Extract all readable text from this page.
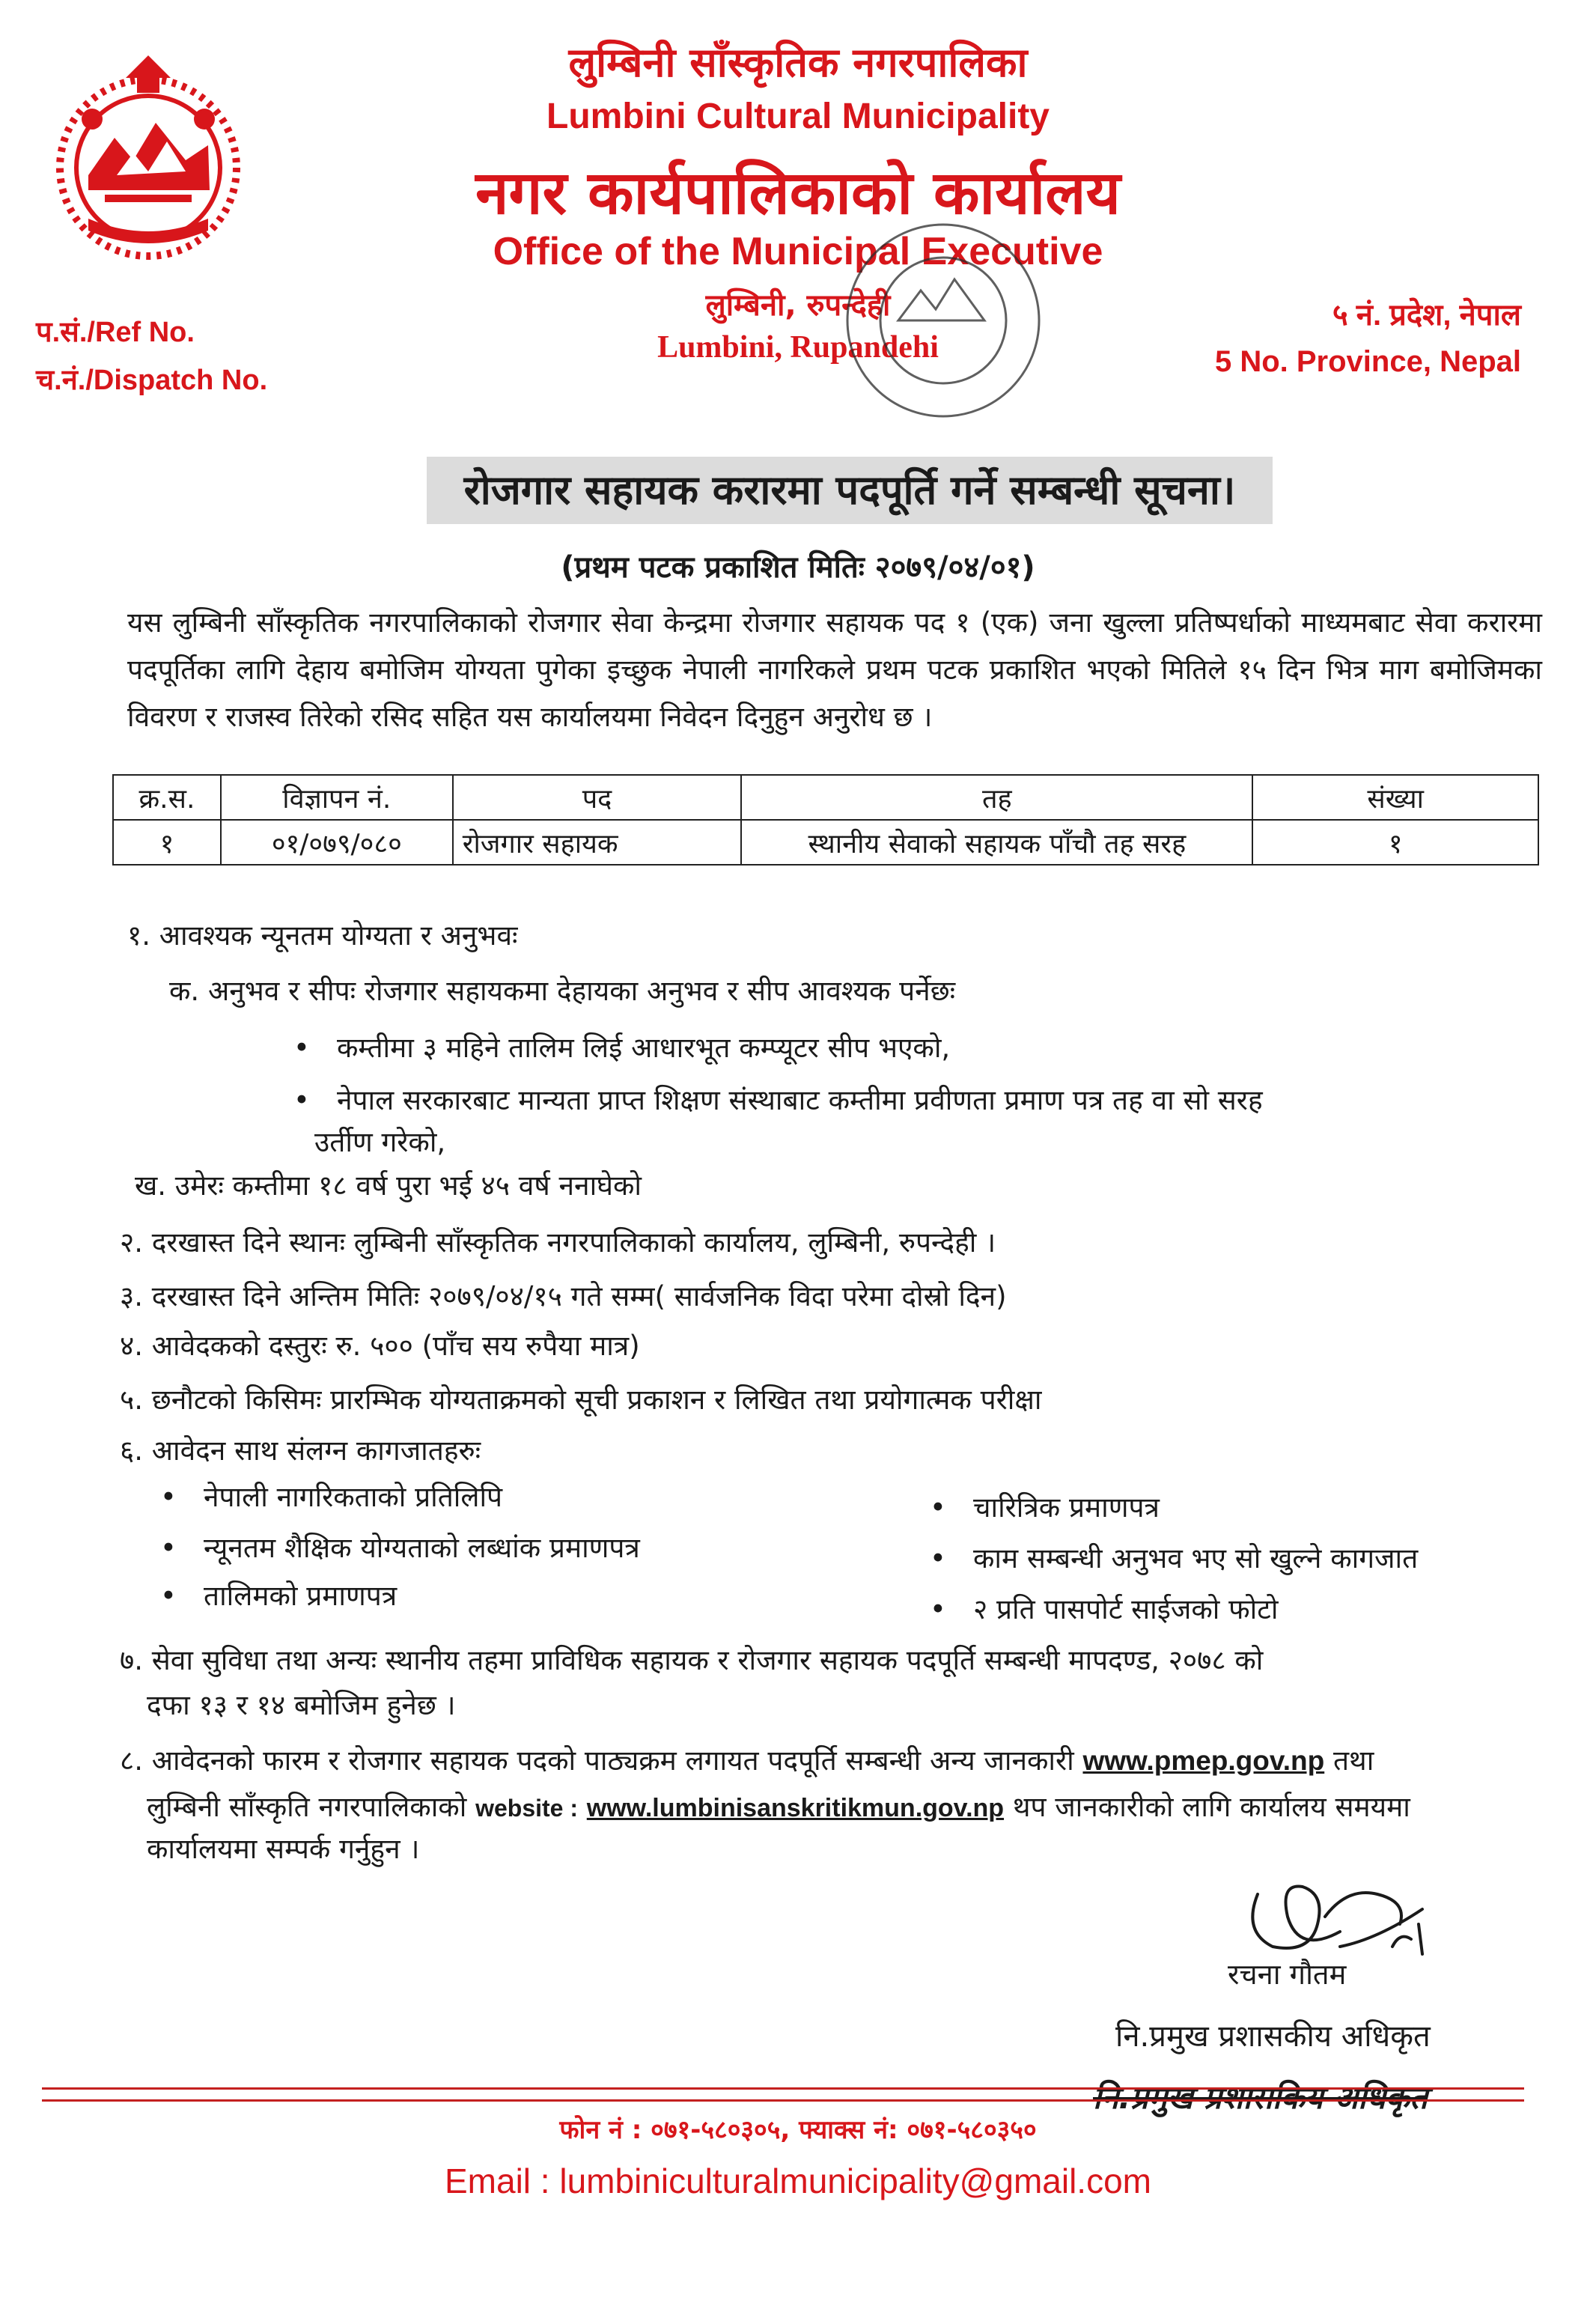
लुम्बिनी साँस्कृतिक नगरपालिका
Lumbini Cultural Municipality
नगर कार्यपालिकाको कार्यालय
Office of the Municipal Executive
लुम्बिनी, रुपन्देही
Lumbini, Rupandehi
प.सं./Ref No.
च.नं./Dispatch No.
५ नं. प्रदेश, नेपाल
5 No. Province, Nepal
रोजगार सहायक करारमा पदपूर्ति गर्ने सम्बन्धी सूचना।
(प्रथम पटक प्रकाशित मितिः २०७९/०४/०१)
यस लुम्बिनी साँस्कृतिक नगरपालिकाको रोजगार सेवा केन्द्रमा रोजगार सहायक पद १ (एक) जना खुल्ला प्रतिष्पर्धाको माध्यमबाट सेवा करारमा पदपूर्तिका लागि देहाय बमोजिम योग्यता पुगेका इच्छुक नेपाली नागरिकले प्रथम पटक प्रकाशित भएको मितिले १५ दिन भित्र माग बमोजिमका विवरण र राजस्व तिरेको रसिद सहित यस कार्यालयमा निवेदन दिनुहुन अनुरोध छ ।
क्र.स.	विज्ञापन नं.	पद	तह	संख्या
१	०१/०७९/०८०	रोजगार सहायक	स्थानीय सेवाको सहायक पाँचौ तह सरह	१
१. आवश्यक न्यूनतम योग्यता र अनुभवः
क. अनुभव र सीपः रोजगार सहायकमा देहायका अनुभव र सीप आवश्यक पर्नेछः
• कम्तीमा ३ महिने तालिम लिई आधारभूत कम्प्यूटर सीप भएको,
• नेपाल सरकारबाट मान्यता प्राप्त शिक्षण संस्थाबाट कम्तीमा प्रवीणता प्रमाण पत्र तह वा सो सरह
उर्तीण गरेको,
ख. उमेरः कम्तीमा १८ वर्ष पुरा भई ४५ वर्ष ननाघेको
२. दरखास्त दिने स्थानः लुम्बिनी साँस्कृतिक नगरपालिकाको कार्यालय, लुम्बिनी, रुपन्देही ।
३. दरखास्त दिने अन्तिम मितिः २०७९/०४/१५ गते सम्म( सार्वजनिक विदा परेमा दोस्रो दिन)
४. आवेदकको दस्तुरः रु. ५०० (पाँच सय रुपैया मात्र)
५. छनौटको किसिमः प्रारम्भिक योग्यताक्रमको सूची प्रकाशन र लिखित तथा प्रयोगात्मक परीक्षा
६. आवेदन साथ संलग्न कागजातहरुः
• नेपाली नागरिकताको प्रतिलिपि
• न्यूनतम शैक्षिक योग्यताको लब्धांक प्रमाणपत्र
• तालिमको प्रमाणपत्र
• चारित्रिक प्रमाणपत्र
• काम सम्बन्धी अनुभव भए सो खुल्ने कागजात
• २ प्रति पासपोर्ट साईजको फोटो
७. सेवा सुविधा तथा अन्यः स्थानीय तहमा प्राविधिक सहायक र रोजगार सहायक पदपूर्ति सम्बन्धी मापदण्ड, २०७८ को
दफा १३ र १४ बमोजिम हुनेछ ।
८. आवेदनको फारम र रोजगार सहायक पदको पाठ्यक्रम लगायत पदपूर्ति सम्बन्धी अन्य जानकारी www.pmep.gov.np तथा
लुम्बिनी साँस्कृति नगरपालिकाको website : www.lumbinisanskritikmun.gov.np थप जानकारीको लागि कार्यालय समयमा
कार्यालयमा सम्पर्क गर्नुहुन ।
रचना गौतम
नि.प्रमुख प्रशासकीय अधिकृत
नि.प्रमुख प्रशासकिय अधिकृत
फोन नं : ०७१-५८०३०५, फ्याक्स नं: ०७१-५८०३५०
Email : lumbiniculturalmunicipality@gmail.com
